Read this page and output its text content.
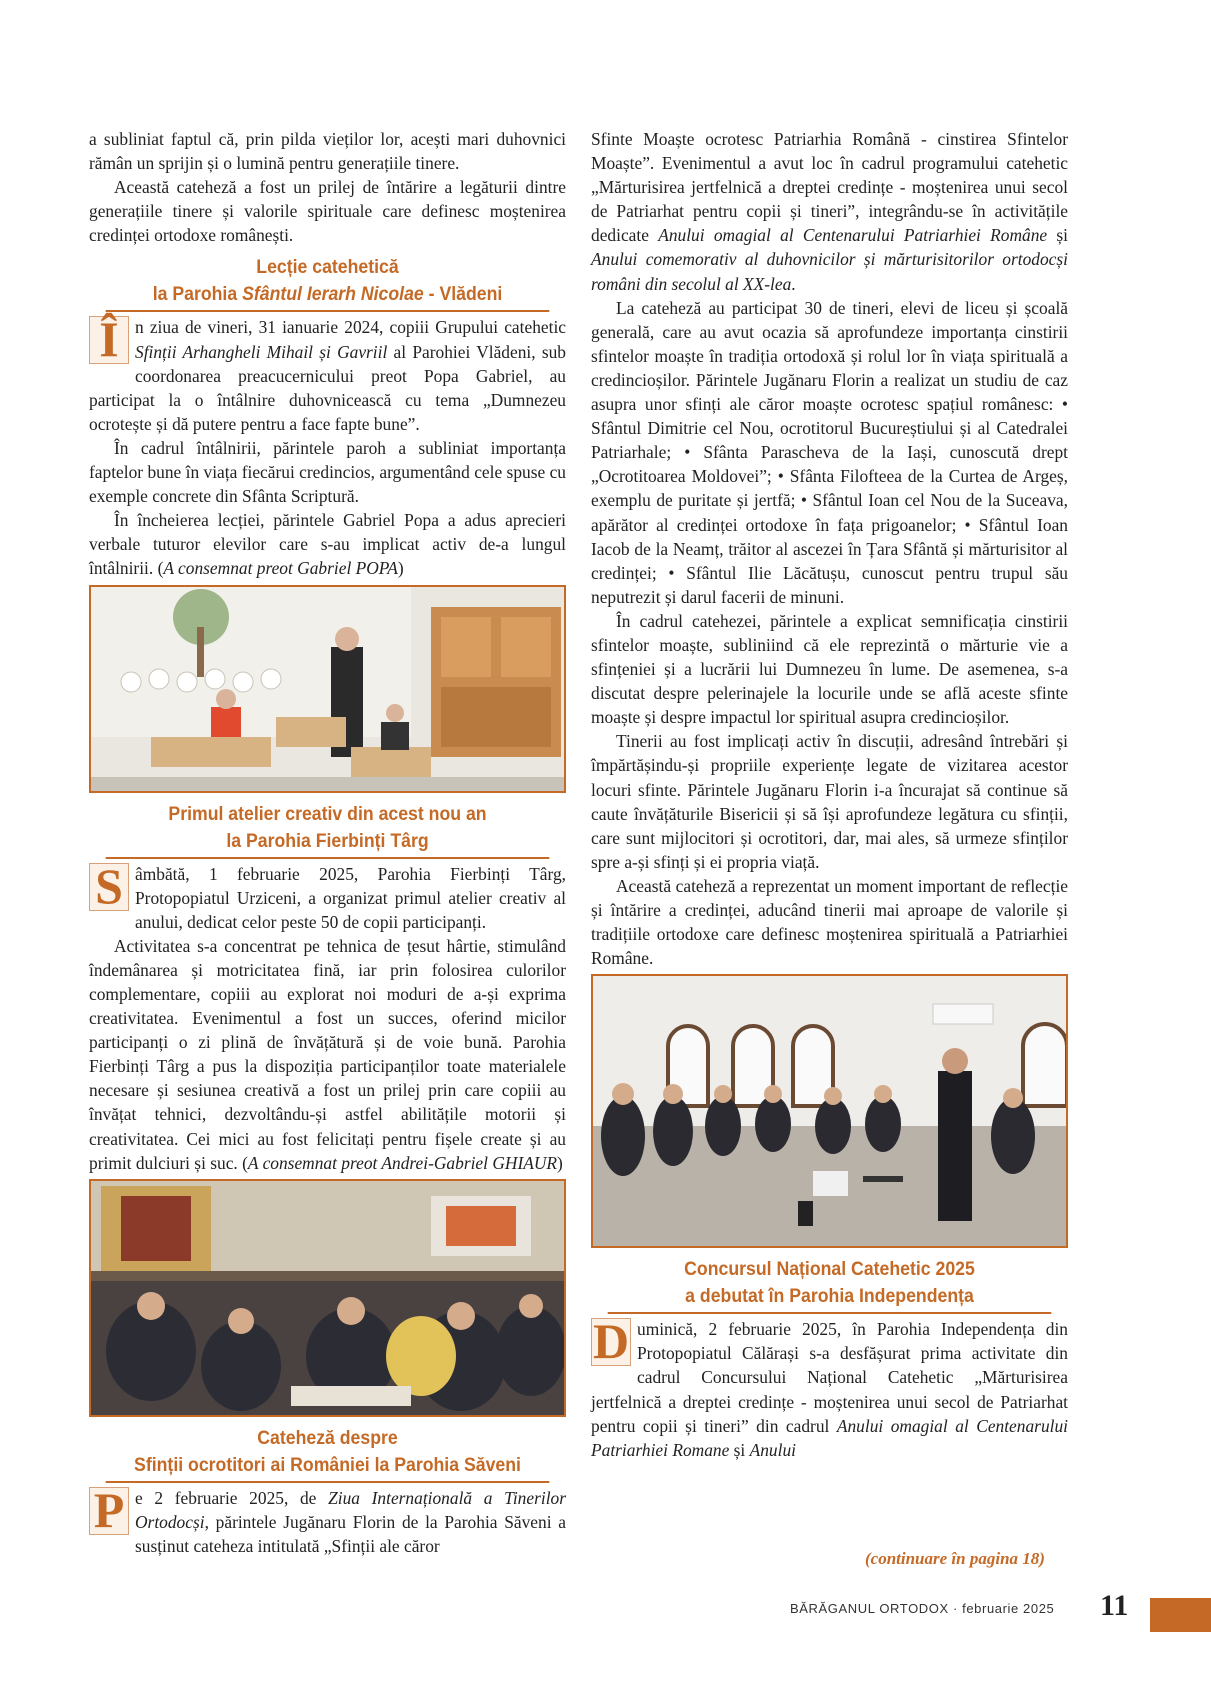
a subliniat faptul că, prin pilda vieților lor, acești mari duhovnici rămân un sprijin și o lumină pentru generațiile tinere.

Această cateheză a fost un prilej de întărire a legăturii dintre generațiile tinere și valorile spirituale care definesc moștenirea credinței ortodoxe românești.

Lecție catehetică
la Parohia Sfântul Ierarh Nicolae - Vlădeni

Î n ziua de vineri, 31 ianuarie 2024, copiii Grupului catehetic Sfinții Arhangheli Mihail și Gavriil al Parohiei Vlădeni, sub coordonarea preacucernicului preot Popa Gabriel, au participat la o întâlnire duhovnicească cu tema „Dumnezeu ocrotește și dă putere pentru a face fapte bune”.

În cadrul întâlnirii, părintele paroh a subliniat importanța faptelor bune în viața fiecărui credincios, argumentând cele spuse cu exemple concrete din Sfânta Scriptură.

În încheierea lecției, părintele Gabriel Popa a adus aprecieri verbale tuturor elevilor care s-au implicat activ de-a lungul întâlnirii. (A consemnat preot Gabriel POPA)

Primul atelier creativ din acest nou an
la Parohia Fierbinți Târg

S âmbătă, 1 februarie 2025, Parohia Fierbinți Târg, Protopopiatul Urziceni, a organizat primul atelier creativ al anului, dedicat celor peste 50 de copii participanți.

Activitatea s-a concentrat pe tehnica de țesut hârtie, stimulând îndemânarea și motricitatea fină, iar prin folosirea culorilor complementare, copiii au explorat noi moduri de a-și exprima creativitatea. Evenimentul a fost un succes, oferind micilor participanți o zi plină de învățătură și de voie bună. Parohia Fierbinți Târg a pus la dispoziția participanților toate materialele necesare și sesiunea creativă a fost un prilej prin care copiii au învățat tehnici, dezvoltându-și astfel abilitățile motorii și creativitatea. Cei mici au fost felicitați pentru fișele create și au primit dulciuri și suc. (A consemnat preot Andrei-Gabriel GHIAUR)

Cateheză despre
Sfinții ocrotitori ai României la Parohia Săveni

P e 2 februarie 2025, de Ziua Internațională a Tinerilor Ortodocși, părintele Jugănaru Florin de la Parohia Săveni a susținut cateheza intitulată „Sfinții ale căror

Sfinte Moaște ocrotesc Patriarhia Română - cinstirea Sfintelor Moaște”. Evenimentul a avut loc în cadrul programului catehetic „Mărturisirea jertfelnică a dreptei credințe - moștenirea unui secol de Patriarhat pentru copii și tineri”, integrându-se în activitățile dedicate Anului omagial al Centenarului Patriarhiei Române și Anului comemorativ al duhovnicilor și mărturisitorilor ortodocși români din secolul al XX-lea.

La cateheză au participat 30 de tineri, elevi de liceu și școală generală, care au avut ocazia să aprofundeze importanța cinstirii sfintelor moaște în tradiția ortodoxă și rolul lor în viața spirituală a credincioșilor. Părintele Jugănaru Florin a realizat un studiu de caz asupra unor sfinți ale căror moaște ocrotesc spațiul românesc: • Sfântul Dimitrie cel Nou, ocrotitorul Bucureștiului și al Catedralei Patriarhale; • Sfânta Parascheva de la Iași, cunoscută drept „Ocrotitoarea Moldovei”; • Sfânta Filofteea de la Curtea de Argeș, exemplu de puritate și jertfă; • Sfântul Ioan cel Nou de la Suceava, apărător al credinței ortodoxe în fața prigoanelor; • Sfântul Ioan Iacob de la Neamț, trăitor al ascezei în Țara Sfântă și mărturisitor al credinței; • Sfântul Ilie Lăcătușu, cunoscut pentru trupul său neputrezit și darul facerii de minuni.

În cadrul catehezei, părintele a explicat semnificația cinstirii sfintelor moaște, subliniind că ele reprezintă o mărturie vie a sfințeniei și a lucrării lui Dumnezeu în lume. De asemenea, s-a discutat despre pelerinajele la locurile unde se află aceste sfinte moaște și despre impactul lor spiritual asupra credincioșilor.

Tinerii au fost implicați activ în discuții, adresând întrebări și împărtășindu-și propriile experiențe legate de vizitarea acestor locuri sfinte. Părintele Jugănaru Florin i-a încurajat să continue să caute învățăturile Bisericii și să își aprofundeze legătura cu sfinții, care sunt mijlocitori și ocrotitori, dar, mai ales, să urmeze sfinților spre a-și sfinți și ei propria viață.

Această cateheză a reprezentat un moment important de reflecție și întărire a credinței, aducând tinerii mai aproape de valorile și tradițiile ortodoxe care definesc moștenirea spirituală a Patriarhiei Române.

Concursul Național Catehetic 2025
a debutat în Parohia Independența

D uminică, 2 februarie 2025, în Parohia Independența din Protopopiatul Călărași s-a desfășurat prima activitate din cadrul Concursului Național Catehetic „Mărturisirea jertfelnică a dreptei credințe - moștenirea unui secol de Patriarhat pentru copii și tineri” din cadrul Anului omagial al Centenarului Patriarhiei Romane și Anului

(continuare în pagina 18)
BĂRĂGANUL ORTODOX · februarie 2025 11
